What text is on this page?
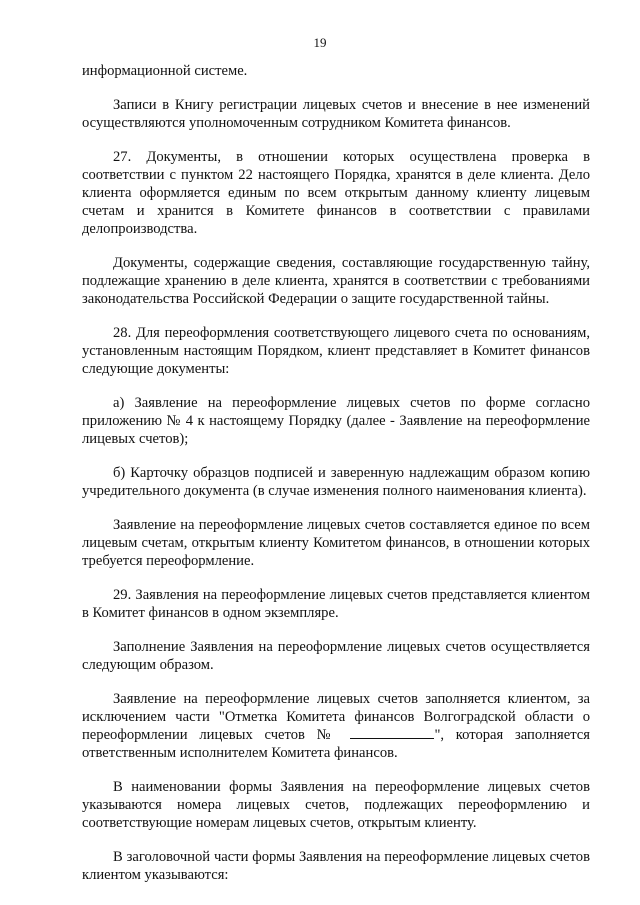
19

информационной системе.

Записи в Книгу регистрации лицевых счетов и внесение в нее изменений осуществляются уполномоченным сотрудником Комитета финансов.

27. Документы, в отношении которых осуществлена проверка в соответствии с пунктом 22 настоящего Порядка, хранятся в деле клиента. Дело клиента оформляется единым по всем открытым данному клиенту лицевым счетам и хранится в Комитете финансов в соответствии с правилами делопроизводства.

Документы, содержащие сведения, составляющие государственную тайну, подлежащие хранению в деле клиента, хранятся в соответствии с требованиями законодательства Российской Федерации о защите государственной тайны.

28. Для переоформления соответствующего лицевого счета по основаниям, установленным настоящим Порядком, клиент представляет в Комитет финансов следующие документы:

а) Заявление на переоформление лицевых счетов по форме согласно приложению № 4 к настоящему Порядку (далее - Заявление на переоформление лицевых счетов);

б) Карточку образцов подписей и заверенную надлежащим образом копию учредительного документа (в случае изменения полного наименования клиента).

Заявление на переоформление лицевых счетов составляется единое по всем лицевым счетам, открытым клиенту Комитетом финансов, в отношении которых требуется переоформление.

29. Заявления на переоформление лицевых счетов представляется клиентом в Комитет финансов в одном экземпляре.

Заполнение Заявления на переоформление лицевых счетов осуществляется следующим образом.

Заявление на переоформление лицевых счетов заполняется клиентом, за исключением части "Отметка Комитета финансов Волгоградской области о переоформлении лицевых счетов №	", которая заполняется ответственным исполнителем Комитета финансов.

В наименовании формы Заявления на переоформление лицевых счетов указываются номера лицевых счетов, подлежащих переоформлению и соответствующие номерам лицевых счетов, открытым клиенту.

В заголовочной части формы Заявления на переоформление лицевых счетов клиентом указываются:
